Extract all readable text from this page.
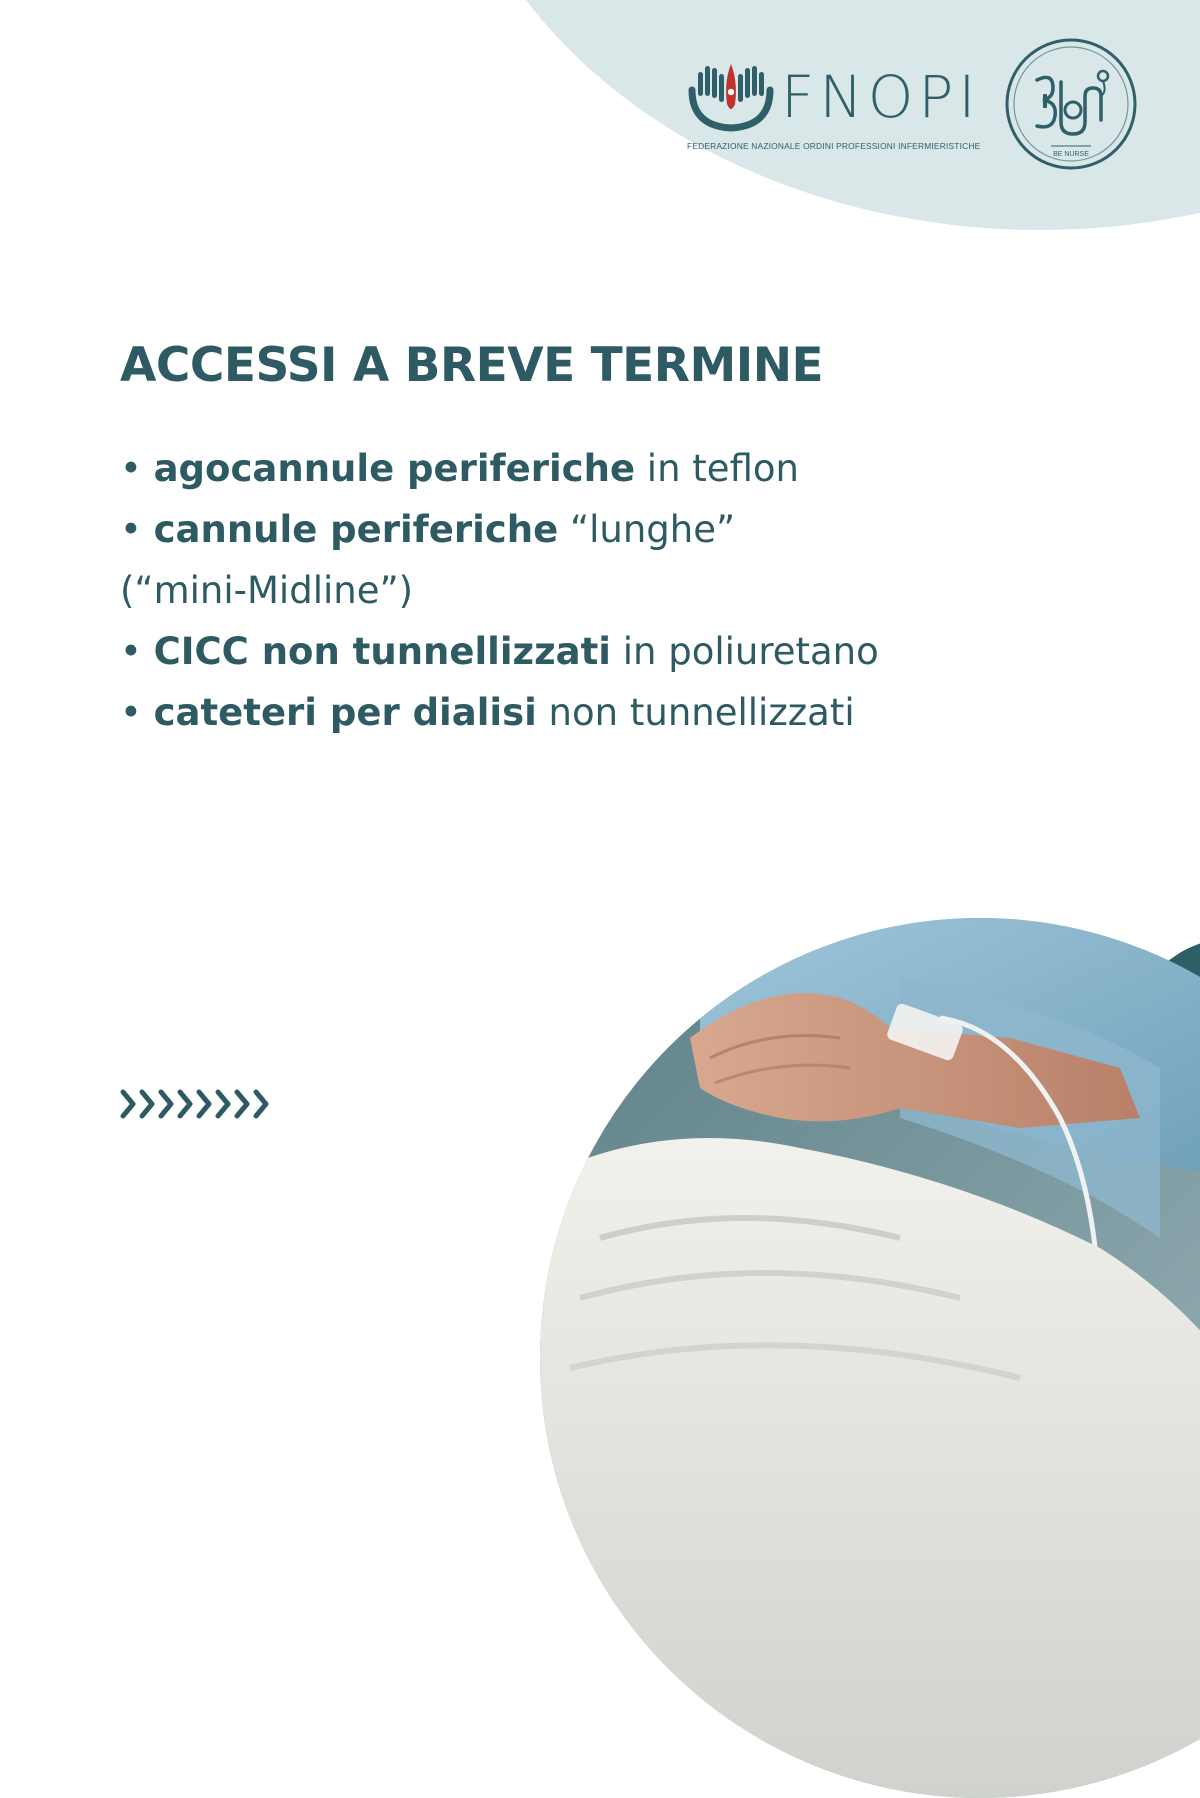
FNOPI
FEDERAZIONE NAZIONALE ORDINI PROFESSIONI INFERMIERISTICHE
BE NURSE
ACCESSI A BREVE TERMINE
• agocannule periferiche in teflon
• cannule periferiche “lunghe”
(“mini-Midline”)
• CICC non tunnellizzati in poliuretano
• cateteri per dialisi non tunnellizzati
